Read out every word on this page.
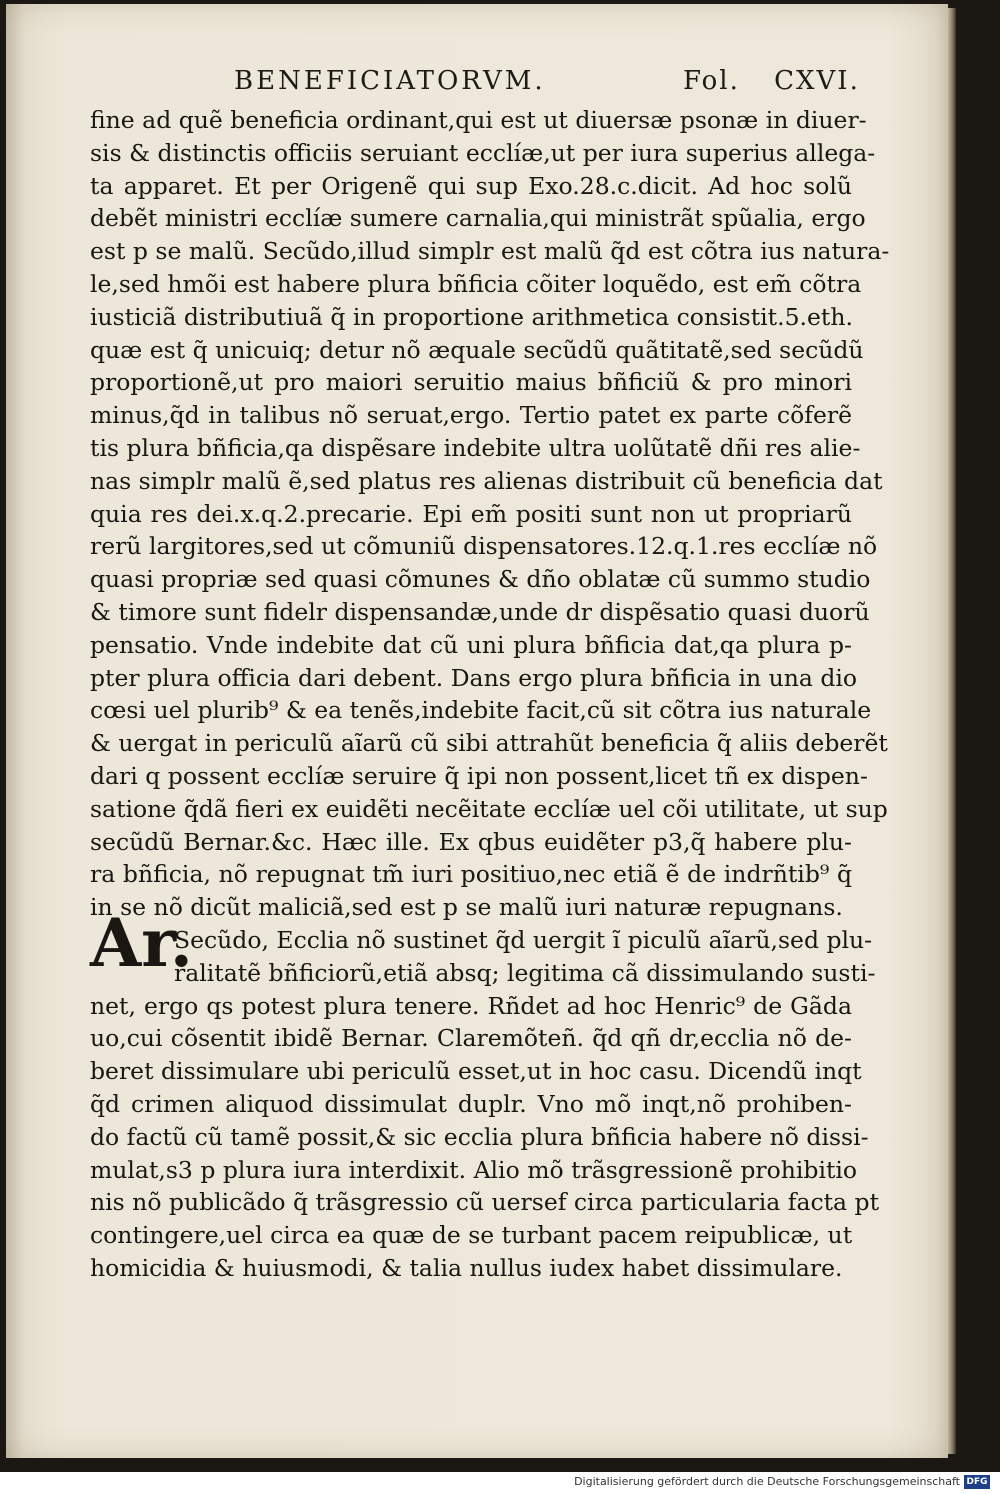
BENEFICIATORVM.	Fol. CXVI.
fine ad quẽ beneficia ordinant,qui est ut diuersæ psonæ in diuer-
sis & distinctis officiis seruiant ecclíæ,ut per iura superius allega-
ta apparet. Et per Origenẽ qui sup Exo.28.c.dicit. Ad hoc solũ
debẽt ministri ecclíæ sumere carnalia,qui ministrãt spũalia, ergo
est p se malũ. Secũdo,illud simplr est malũ q̃d est cõtra ius natura-
le,sed hmõi est habere plura bñficia cõiter loquẽdo, est em̃ cõtra
iusticiã distributiuã q̃ in proportione arithmetica consistit.5.eth.
quæ est q̃ unicuiq; detur nõ æquale secũdũ quãtitatẽ,sed secũdũ
proportionẽ,ut pro maiori seruitio maius bñficiũ & pro minori
minus,q̃d in talibus nõ seruat,ergo. Tertio patet ex parte cõferẽ
tis plura bñficia,qa dispẽsare indebite ultra uolũtatẽ dñi res alie-
nas simplr malũ ẽ,sed platus res alienas distribuit cũ beneficia dat
quia res dei.x.q.2.precarie. Epi em̃ positi sunt non ut propriarũ
rerũ largitores,sed ut cõmuniũ dispensatores.12.q.1.res ecclíæ nõ
quasi propriæ sed quasi cõmunes & dño oblatæ cũ summo studio
& timore sunt fidelr dispensandæ,unde dr dispẽsatio quasi duorũ
pensatio. Vnde indebite dat cũ uni plura bñficia dat,qa plura p-
pter plura officia dari debent. Dans ergo plura bñficia in una dio
cœsi uel plurib⁹ & ea tenẽs,indebite facit,cũ sit cõtra ius naturale
& uergat in periculũ aĩarũ cũ sibi attrahũt beneficia q̃ aliis deberẽt
dari q possent ecclíæ seruire q̃ ipi non possent,licet tñ ex dispen-
satione q̃dã fieri ex euidẽti necẽitate ecclíæ uel cõi utilitate, ut sup
secũdũ Bernar.&c. Hæc ille. Ex qbus euidẽter p3,q̃ habere plu-
ra bñficia, nõ repugnat tm̃ iuri positiuo,nec etiã ẽ de indrñtib⁹ q̃
in se nõ dicũt maliciã,sed est p se malũ iuri naturæ repugnans.
Secũdo, Ecclia nõ sustinet q̃d uergit ĩ piculũ aĩarũ,sed plu-
ralitatẽ bñficiorũ,etiã absq; legitima cã dissimulando susti-
net, ergo qs potest plura tenere. Rñdet ad hoc Henric⁹ de Gãda
uo,cui cõsentit ibidẽ Bernar. Claremõteñ. q̃d qñ dr,ecclia nõ de-
beret dissimulare ubi periculũ esset,ut in hoc casu. Dicendũ inqt
q̃d crimen aliquod dissimulat duplr. Vno mõ inqt,nõ prohiben-
do factũ cũ tamẽ possit,& sic ecclia plura bñficia habere nõ dissi-
mulat,s3 p plura iura interdixit. Alio mõ trãsgressionẽ prohibitio
nis nõ publicãdo q̃ trãsgressio cũ uersef circa particularia facta pt
contingere,uel circa ea quæ de se turbant pacem reipublicæ, ut
homicidia & huiusmodi, & talia nullus iudex habet dissimulare.
Ar.
Digitalisierung gefördert durch die Deutsche Forschungsgemeinschaft DFG
